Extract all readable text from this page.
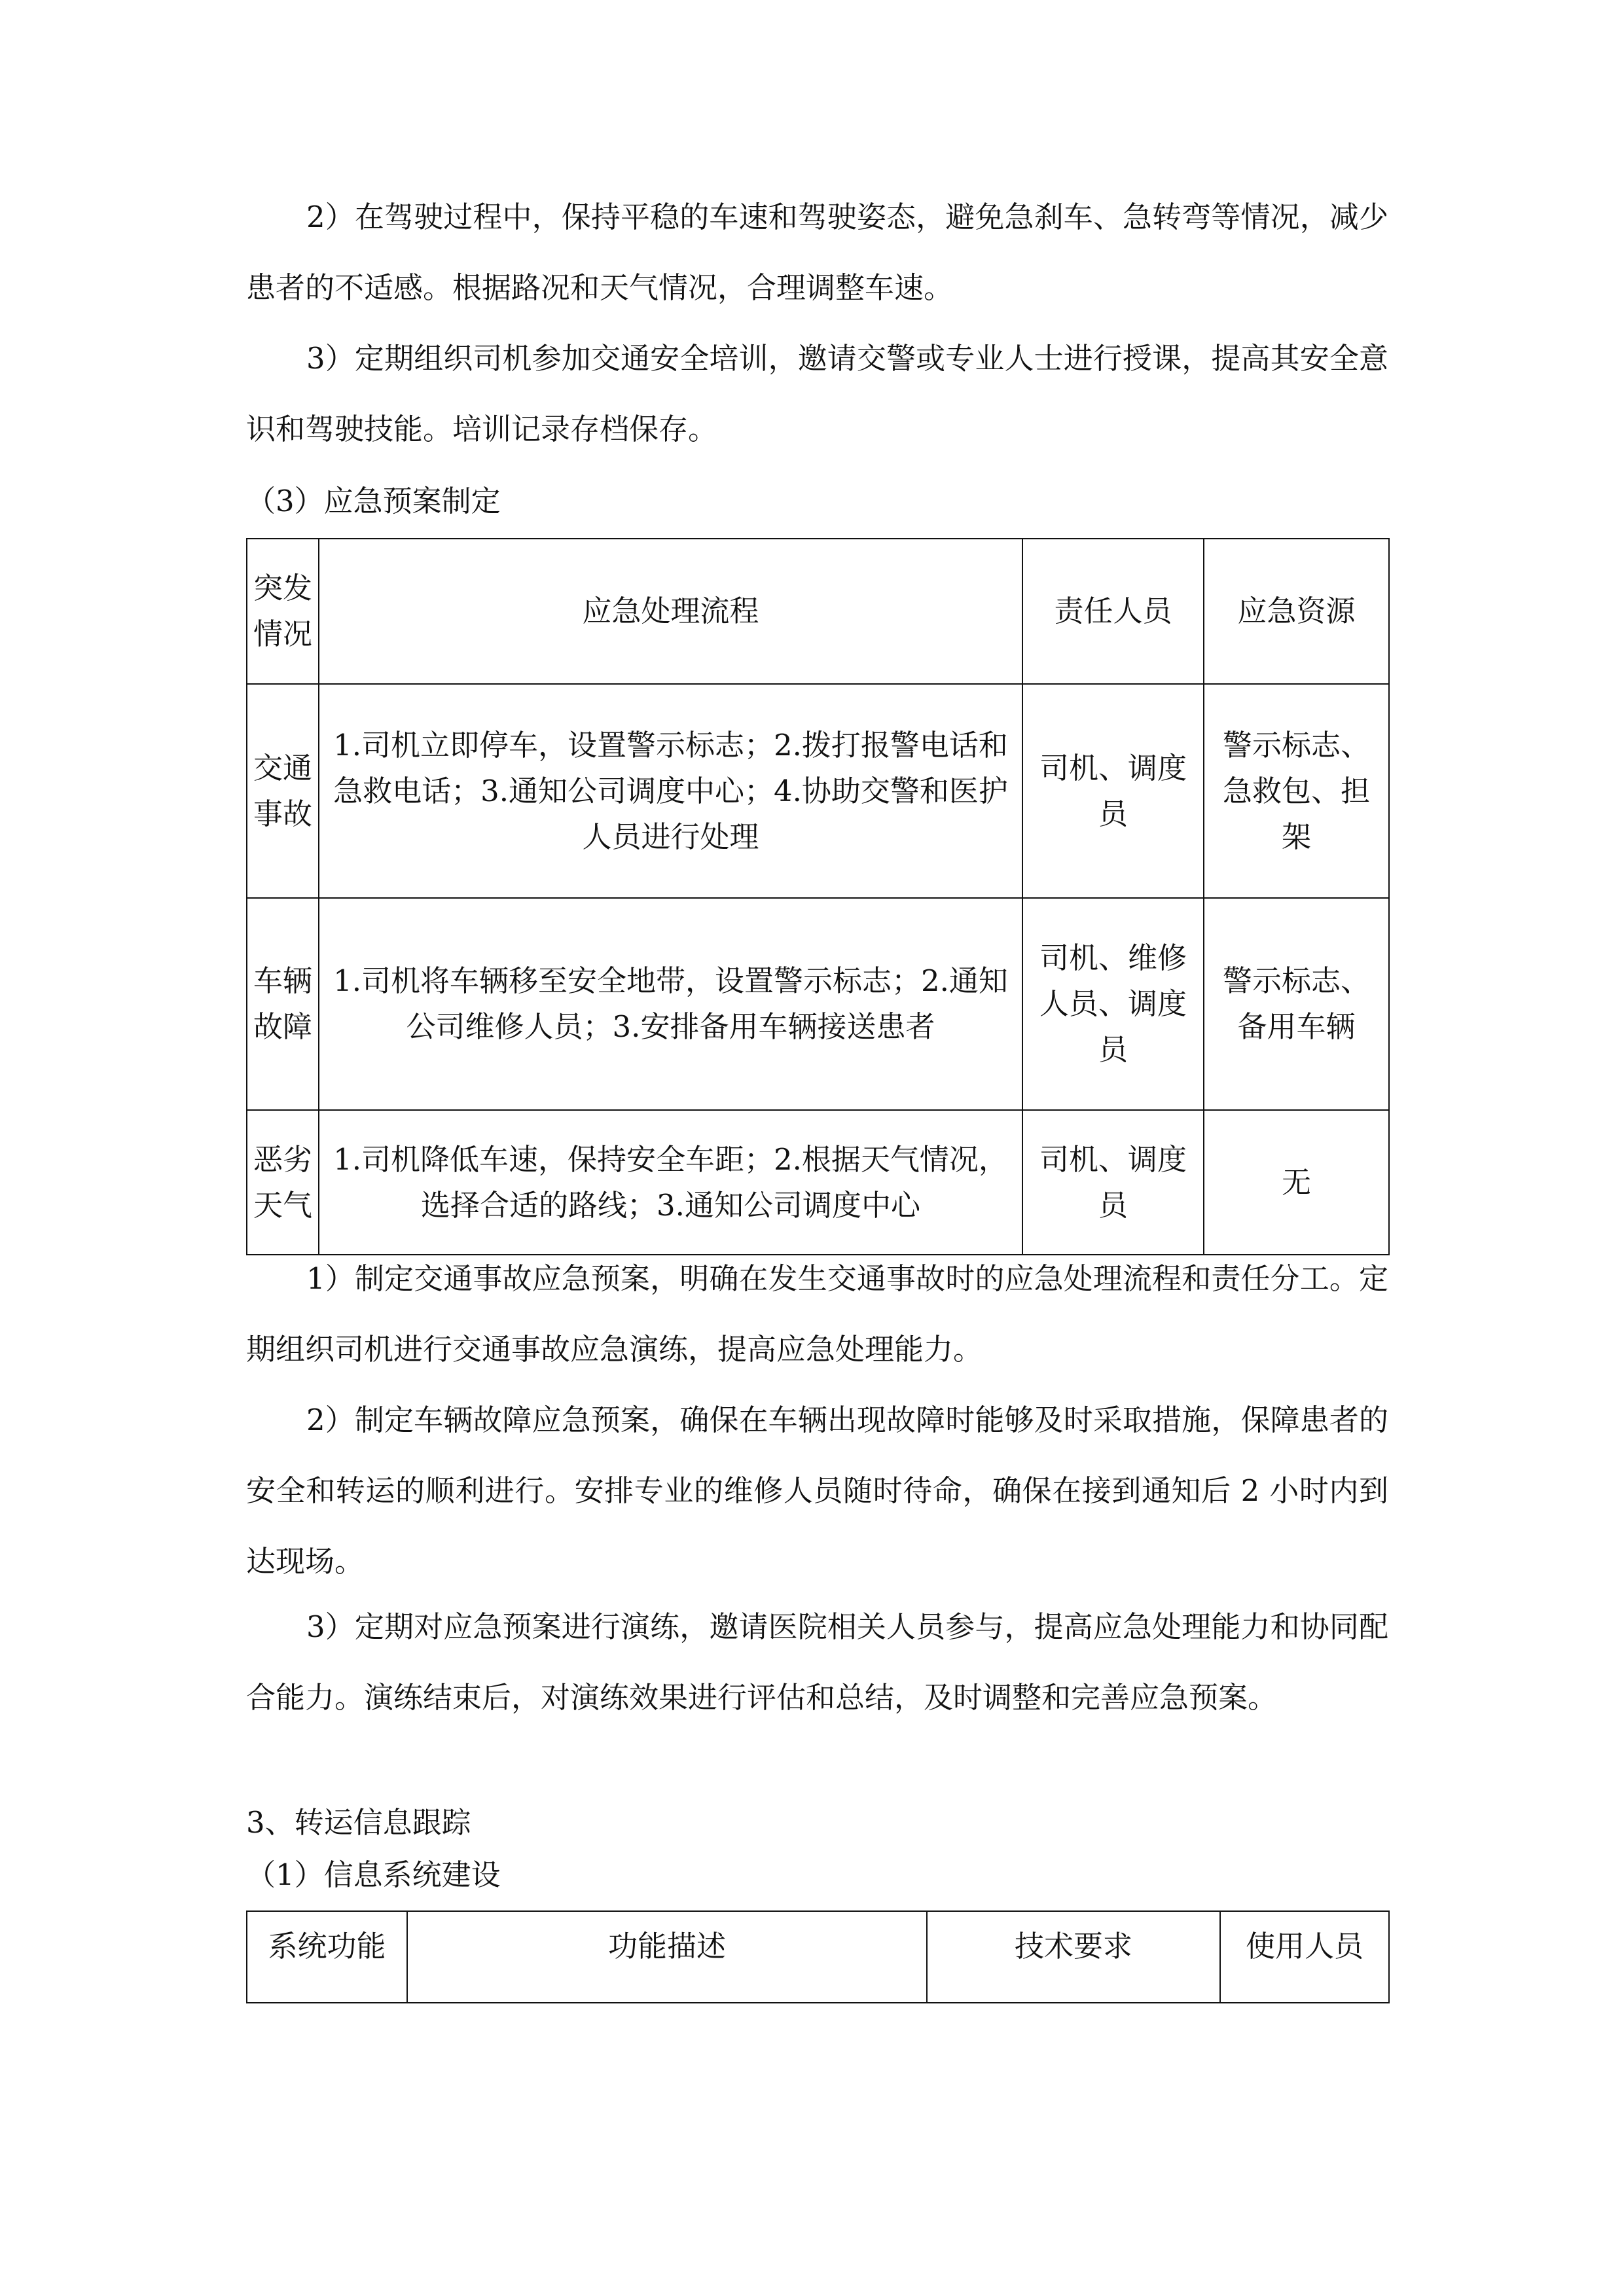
2）在驾驶过程中，保持平稳的车速和驾驶姿态，避免急刹车、急转弯等情况，减少患者的不适感。根据路况和天气情况，合理调整车速。

3）定期组织司机参加交通安全培训，邀请交警或专业人士进行授课，提高其安全意识和驾驶技能。培训记录存档保存。

（3）应急预案制定

突发情况	应急处理流程	责任人员	应急资源
交通事故	1.司机立即停车，设置警示标志；2.拨打报警电话和急救电话；3.通知公司调度中心；4.协助交警和医护人员进行处理	司机、调度员	警示标志、急救包、担架
车辆故障	1.司机将车辆移至安全地带，设置警示标志；2.通知公司维修人员；3.安排备用车辆接送患者	司机、维修人员、调度员	警示标志、备用车辆
恶劣天气	1.司机降低车速，保持安全车距；2.根据天气情况，选择合适的路线；3.通知公司调度中心	司机、调度员	无

1）制定交通事故应急预案，明确在发生交通事故时的应急处理流程和责任分工。定期组织司机进行交通事故应急演练，提高应急处理能力。

2）制定车辆故障应急预案，确保在车辆出现故障时能够及时采取措施，保障患者的安全和转运的顺利进行。安排专业的维修人员随时待命，确保在接到通知后 2 小时内到达现场。

3）定期对应急预案进行演练，邀请医院相关人员参与，提高应急处理能力和协同配合能力。演练结束后，对演练效果进行评估和总结，及时调整和完善应急预案。

3、转运信息跟踪

（1）信息系统建设

系统功能	功能描述	技术要求	使用人员
